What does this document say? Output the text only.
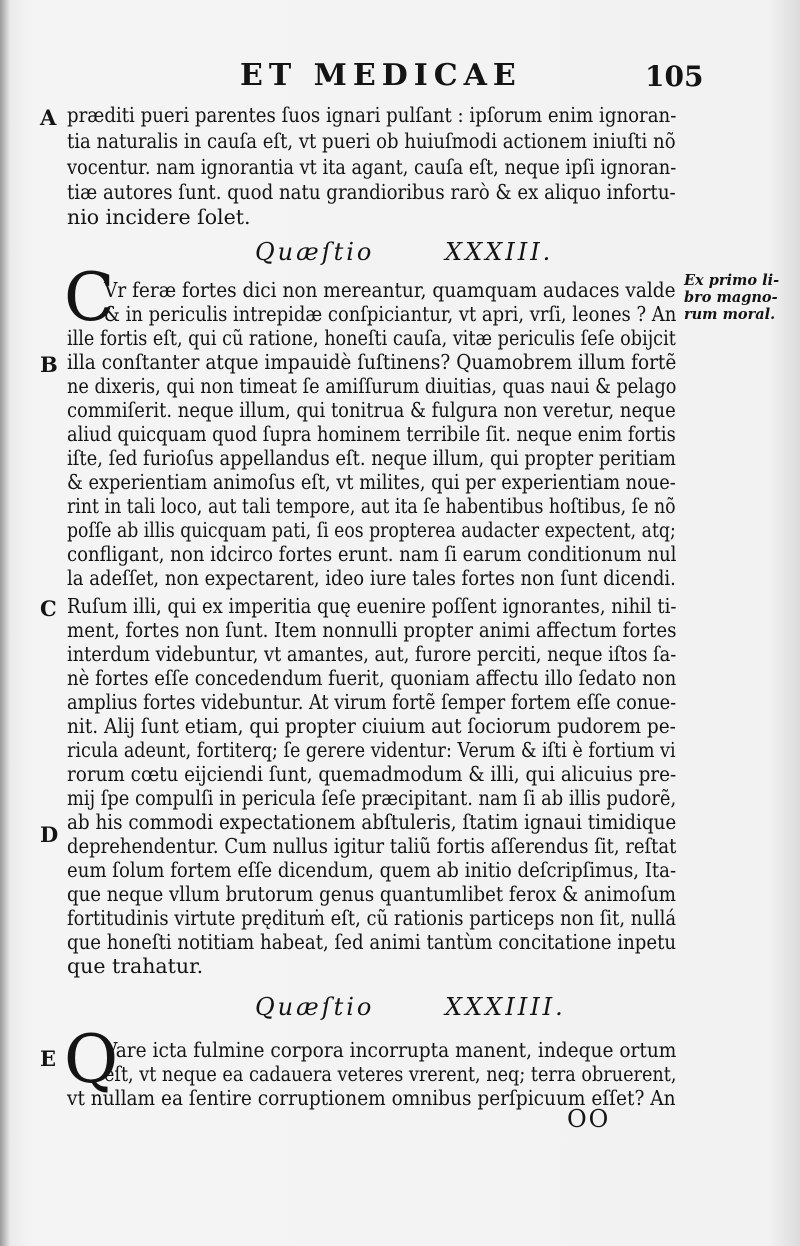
ET MEDICAE	105
A præditi pueri parentes ſuos ignari pulſant : ipſorum enim ignoran-
tia naturalis in cauſa eſt, vt pueri ob huiuſmodi actionem iniuſti nõ
vocentur. nam ignorantia vt ita agant, cauſa eſt, neque ipſi ignoran-
tiæ autores ſunt. quod natu grandioribus rarò & ex aliquo infortu-
nio incidere ſolet.
Quæſtio	XXXIII.
Ex primo li-
bro magno-
rum moral.
C
Vr feræ fortes dici non mereantur, quamquam audaces valde
& in periculis intrepidæ conſpiciantur, vt apri, vrſi, leones ? An
ille fortis eſt, qui cũ ratione, honeſti cauſa, vitæ periculis ſeſe obijcit
B illa conſtanter atque impauidè ſuſtinens? Quamobrem illum fortẽ
ne dixeris, qui non timeat ſe amiſſurum diuitias, quas naui & pelago
commiſerit. neque illum, qui tonitrua & fulgura non veretur, neque
aliud quicquam quod ſupra hominem terribile ſit. neque enim fortis
iſte, ſed furioſus appellandus eſt. neque illum, qui propter peritiam
& experientiam animoſus eſt, vt milites, qui per experientiam noue-
rint in tali loco, aut tali tempore, aut ita ſe habentibus hoſtibus, ſe nõ
poſſe ab illis quicquam pati, ſi eos propterea audacter expectent, atq;
confligant, non idcirco fortes erunt. nam ſi earum conditionum nul
la adeſſet, non expectarent, ideo iure tales fortes non ſunt dicendi.
C Ruſum illi, qui ex imperitia quę euenire poſſent ignorantes, nihil ti-
ment, fortes non ſunt. Item nonnulli propter animi affectum fortes
interdum videbuntur, vt amantes, aut, furore perciti, neque iſtos ſa-
nè fortes eſſe concedendum fuerit, quoniam affectu illo ſedato non
amplius fortes videbuntur. At virum fortẽ ſemper fortem eſſe conue-
nit. Alij ſunt etiam, qui propter ciuium aut ſociorum pudorem pe-
ricula adeunt, fortiterq; ſe gerere videntur: Verum & iſti è fortium vi
rorum cœtu eijciendi ſunt, quemadmodum & illi, qui alicuius pre-
mij ſpe compulſi in pericula ſeſe præcipitant. nam ſi ab illis pudorẽ,
D ab his commodi expectationem abſtuleris, ſtatim ignaui timidique
deprehendentur. Cum nullus igitur taliũ fortis aſſerendus ſit, reſtat
eum ſolum fortem eſſe dicendum, quem ab initio deſcripſimus, Ita-
que neque vllum brutorum genus quantumlibet ferox & animoſum
fortitudinis virtute prędituṁ eſt, cũ rationis particeps non ſit, nullá
que honeſti notitiam habeat, ſed animi tantùm concitatione inpetu
que trahatur.
Quæſtio	XXXIIII.
E Q
Vare icta fulmine corpora incorrupta manent, indeque ortum
eſt, vt neque ea cadauera veteres vrerent, neq; terra obruerent,
vt nullam ea ſentire corruptionem omnibus perſpicuum eſſet? An
OO
